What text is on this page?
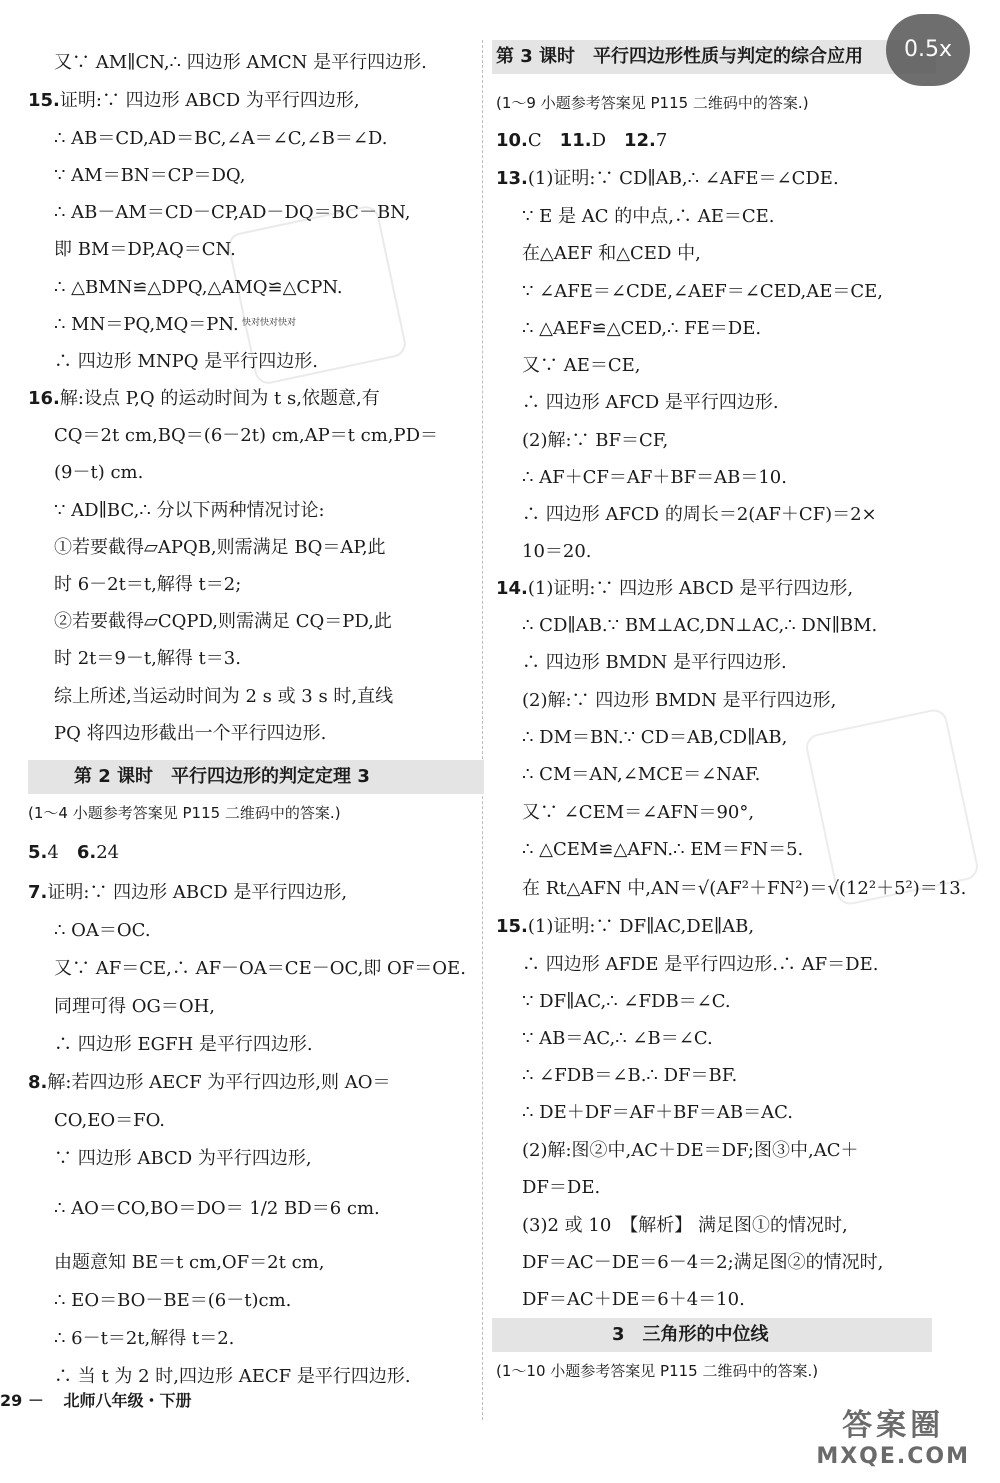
又∵ AM∥CN,∴ 四边形 AMCN 是平行四边形.
15.证明:∵ 四边形 ABCD 为平行四边形,
∴ AB＝CD,AD＝BC,∠A＝∠C,∠B＝∠D.
∵ AM＝BN＝CP＝DQ,
∴ AB－AM＝CD－CP,AD－DQ＝BC－BN,
即 BM＝DP,AQ＝CN.
∴ △BMN≌△DPQ,△AMQ≌△CPN.
∴ MN＝PQ,MQ＝PN.
∴ 四边形 MNPQ 是平行四边形.
16.解:设点 P,Q 的运动时间为 t s,依题意,有
CQ＝2t cm,BQ＝(6－2t) cm,AP＝t cm,PD＝
(9－t) cm.
∵ AD∥BC,∴ 分以下两种情况讨论:
①若要截得▱APQB,则需满足 BQ＝AP,此
时 6－2t＝t,解得 t＝2;
②若要截得▱CQPD,则需满足 CQ＝PD,此
时 2t＝9－t,解得 t＝3.
综上所述,当运动时间为 2 s 或 3 s 时,直线
PQ 将四边形截出一个平行四边形.
第 2 课时　平行四边形的判定定理 3
(1～4 小题参考答案见 P115 二维码中的答案.)
5.4　6.24
7.证明:∵ 四边形 ABCD 是平行四边形,
∴ OA＝OC.
又∵ AF＝CE,∴ AF－OA＝CE－OC,即 OF＝OE.
同理可得 OG＝OH,
∴ 四边形 EGFH 是平行四边形.
8.解:若四边形 AECF 为平行四边形,则 AO＝
CO,EO＝FO.
∵ 四边形 ABCD 为平行四边形,
∴ AO＝CO,BO＝DO＝ 1/2 BD＝6 cm.
由题意知 BE＝t cm,OF＝2t cm,
∴ EO＝BO－BE＝(6－t)cm.
∴ 6－t＝2t,解得 t＝2.
∴ 当 t 为 2 时,四边形 AECF 是平行四边形.
第 3 课时　平行四边形性质与判定的综合应用
(1～9 小题参考答案见 P115 二维码中的答案.)
10.C　11.D　12.7
13.(1)证明:∵ CD∥AB,∴ ∠AFE＝∠CDE.
∵ E 是 AC 的中点,∴ AE＝CE.
在△AEF 和△CED 中,
∵ ∠AFE＝∠CDE,∠AEF＝∠CED,AE＝CE,
∴ △AEF≌△CED,∴ FE＝DE.
又∵ AE＝CE,
∴ 四边形 AFCD 是平行四边形.
(2)解:∵ BF＝CF,
∴ AF＋CF＝AF＋BF＝AB＝10.
∴ 四边形 AFCD 的周长＝2(AF＋CF)＝2×
10＝20.
14.(1)证明:∵ 四边形 ABCD 是平行四边形,
∴ CD∥AB.∵ BM⊥AC,DN⊥AC,∴ DN∥BM.
∴ 四边形 BMDN 是平行四边形.
(2)解:∵ 四边形 BMDN 是平行四边形,
∴ DM＝BN.∵ CD＝AB,CD∥AB,
∴ CM＝AN,∠MCE＝∠NAF.
又∵ ∠CEM＝∠AFN＝90°,
∴ △CEM≌△AFN.∴ EM＝FN＝5.
在 Rt△AFN 中,AN＝√(AF²＋FN²)＝√(12²＋5²)＝13.
15.(1)证明:∵ DF∥AC,DE∥AB,
∴ 四边形 AFDE 是平行四边形.∴ AF＝DE.
∵ DF∥AC,∴ ∠FDB＝∠C.
∵ AB＝AC,∴ ∠B＝∠C.
∴ ∠FDB＝∠B.∴ DF＝BF.
∴ DE＋DF＝AF＋BF＝AB＝AC.
(2)解:图②中,AC＋DE＝DF;图③中,AC＋
DF＝DE.
(3)2 或 10　【解析】 满足图①的情况时,
DF＝AC－DE＝6－4＝2;满足图②的情况时,
DF＝AC＋DE＝6＋4＝10.
3　三角形的中位线
(1～10 小题参考答案见 P115 二维码中的答案.)
0.5x
29 － 北师八年级・下册
答案圈
MXQE.COM
快对快对快对
